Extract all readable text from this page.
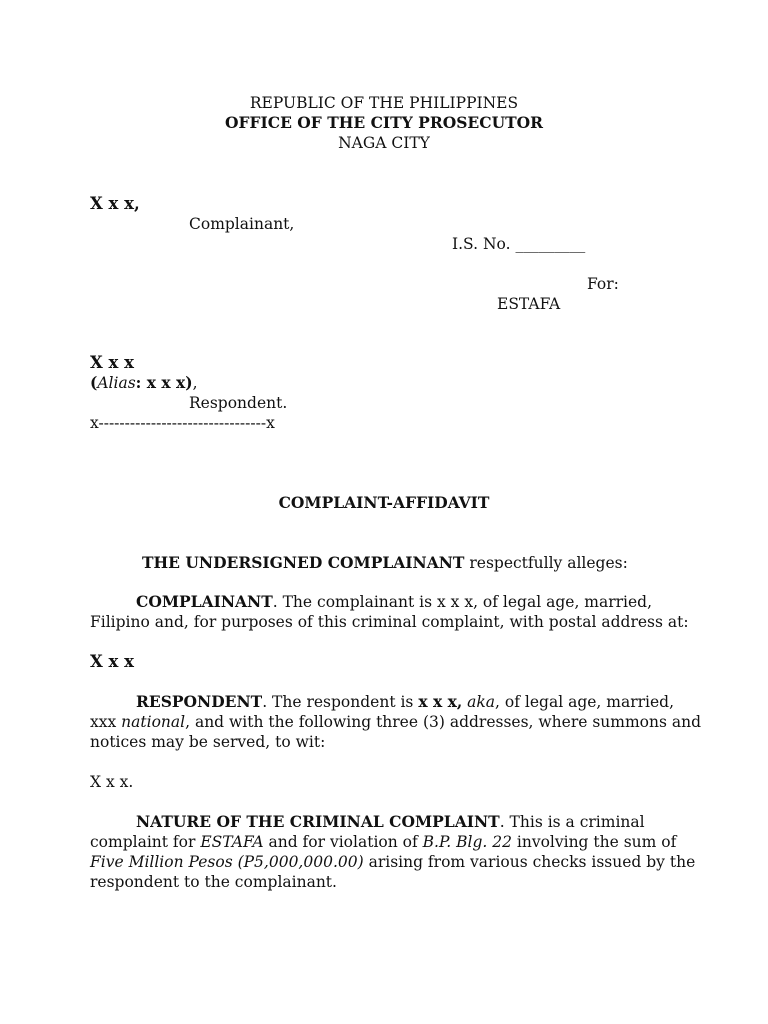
REPUBLIC OF THE PHILIPPINES
OFFICE OF THE CITY PROSECUTOR
NAGA CITY
X x x,
Complainant,
I.S. No. _________
For:
ESTAFA
X x x
(Alias: x x x),
Respondent.
x--------------------------------x
COMPLAINT-AFFIDAVIT
THE UNDERSIGNED COMPLAINANT respectfully alleges:
COMPLAINANT. The complainant is x x x, of legal age, married,
Filipino and, for purposes of this criminal complaint, with postal address at:
X x x
RESPONDENT. The respondent is x x x, aka, of legal age, married,
xxx national, and with the following three (3) addresses, where summons and
notices may be served, to wit:
X x x.
NATURE OF THE CRIMINAL COMPLAINT. This is a criminal
complaint for ESTAFA and for violation of B.P. Blg. 22 involving the sum of
Five Million Pesos (P5,000,000.00) arising from various checks issued by the
respondent to the complainant.
